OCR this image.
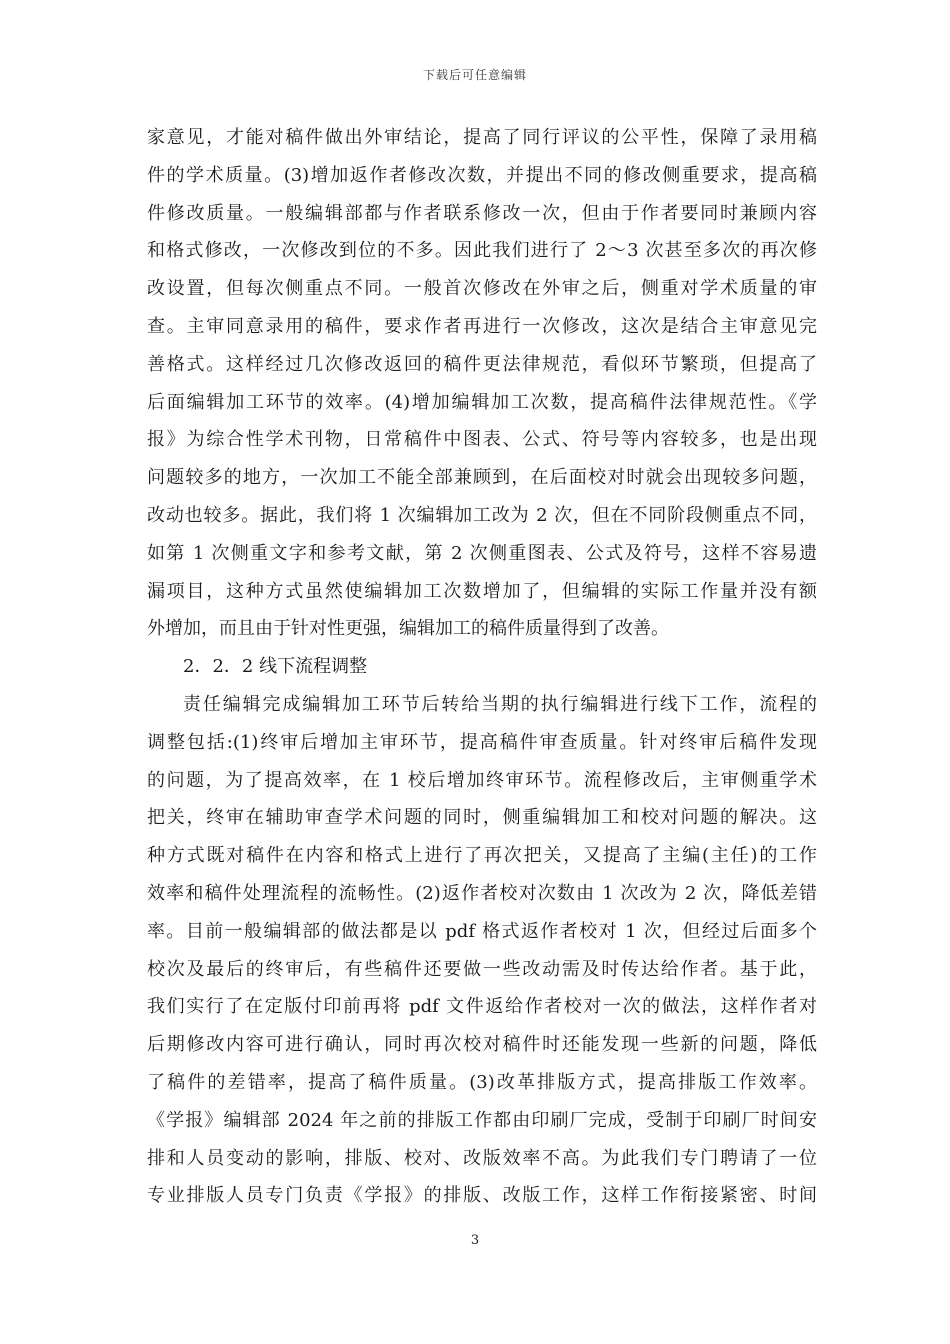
下载后可任意编辑
家意见，才能对稿件做出外审结论，提高了同行评议的公平性，保障了录用稿
件的学术质量。(3)增加返作者修改次数，并提出不同的修改侧重要求，提高稿
件修改质量。一般编辑部都与作者联系修改一次，但由于作者要同时兼顾内容
和格式修改，一次修改到位的不多。因此我们进行了 2～3 次甚至多次的再次修
改设置，但每次侧重点不同。一般首次修改在外审之后，侧重对学术质量的审
查。主审同意录用的稿件，要求作者再进行一次修改，这次是结合主审意见完
善格式。这样经过几次修改返回的稿件更法律规范，看似环节繁琐，但提高了
后面编辑加工环节的效率。(4)增加编辑加工次数，提高稿件法律规范性。《学
报》为综合性学术刊物，日常稿件中图表、公式、符号等内容较多，也是出现
问题较多的地方，一次加工不能全部兼顾到，在后面校对时就会出现较多问题，
改动也较多。据此，我们将 1 次编辑加工改为 2 次，但在不同阶段侧重点不同，
如第 1 次侧重文字和参考文献，第 2 次侧重图表、公式及符号，这样不容易遗
漏项目，这种方式虽然使编辑加工次数增加了，但编辑的实际工作量并没有额
外增加，而且由于针对性更强，编辑加工的稿件质量得到了改善。
2．2．2 线下流程调整
责任编辑完成编辑加工环节后转给当期的执行编辑进行线下工作，流程的
调整包括:(1)终审后增加主审环节，提高稿件审查质量。针对终审后稿件发现
的问题，为了提高效率，在 1 校后增加终审环节。流程修改后，主审侧重学术
把关，终审在辅助审查学术问题的同时，侧重编辑加工和校对问题的解决。这
种方式既对稿件在内容和格式上进行了再次把关，又提高了主编(主任)的工作
效率和稿件处理流程的流畅性。(2)返作者校对次数由 1 次改为 2 次，降低差错
率。目前一般编辑部的做法都是以 pdf 格式返作者校对 1 次，但经过后面多个
校次及最后的终审后，有些稿件还要做一些改动需及时传达给作者。基于此，
我们实行了在定版付印前再将 pdf 文件返给作者校对一次的做法，这样作者对
后期修改内容可进行确认，同时再次校对稿件时还能发现一些新的问题，降低
了稿件的差错率，提高了稿件质量。(3)改革排版方式，提高排版工作效率。
《学报》编辑部 2024 年之前的排版工作都由印刷厂完成，受制于印刷厂时间安
排和人员变动的影响，排版、校对、改版效率不高。为此我们专门聘请了一位
专业排版人员专门负责《学报》的排版、改版工作，这样工作衔接紧密、时间
3
